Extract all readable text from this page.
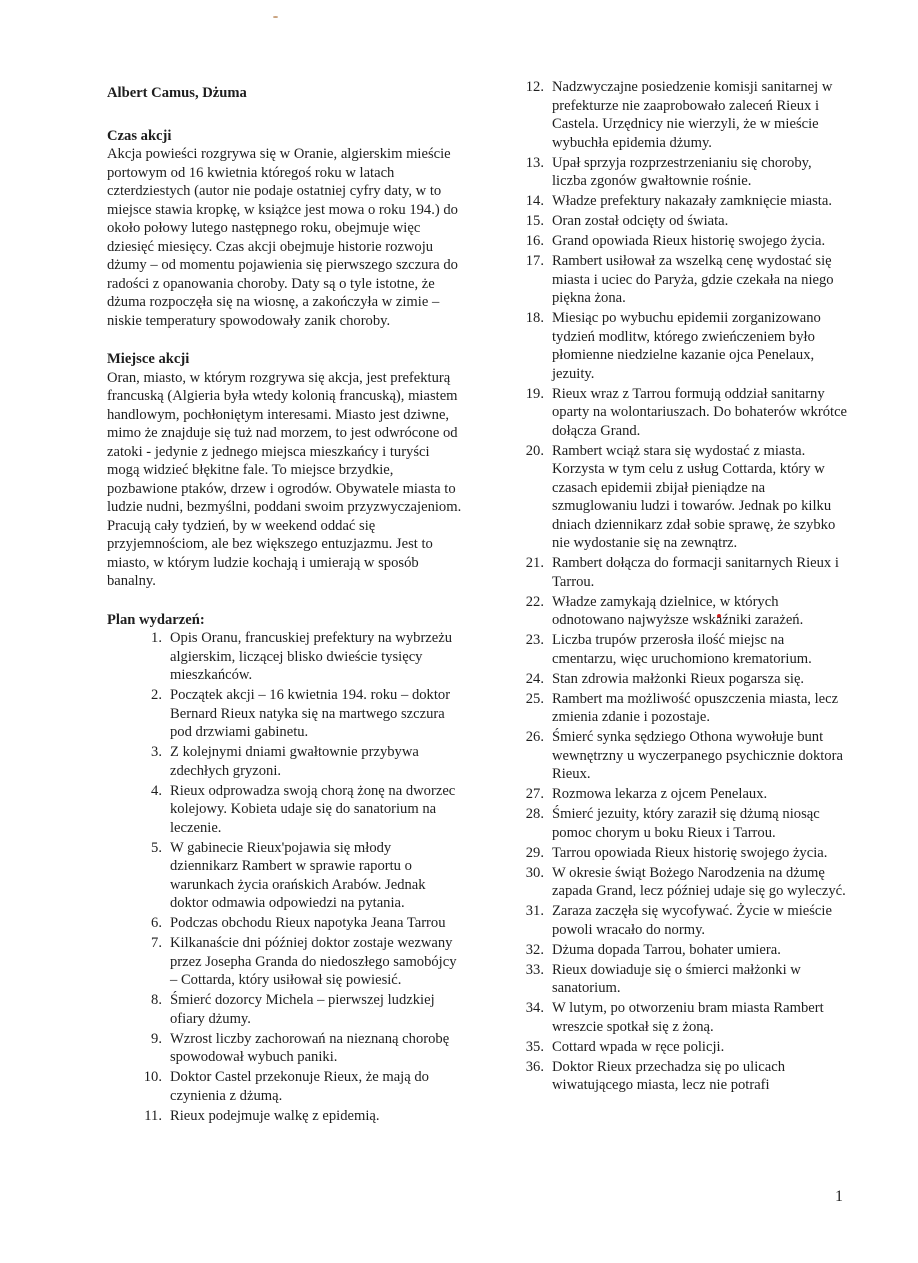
Albert Camus, Dżuma

Czas akcji

Akcja powieści rozgrywa się w Oranie, algierskim mieście portowym od 16 kwietnia któregoś roku w latach czterdziestych (autor nie podaje ostatniej cyfry daty, w to miejsce stawia kropkę, w książce jest mowa o roku 194.) do około połowy lutego następnego roku, obejmuje więc dziesięć miesięcy. Czas akcji obejmuje historie rozwoju dżumy – od momentu pojawienia się pierwszego szczura do radości z opanowania choroby. Daty są o tyle istotne, że dżuma rozpoczęła się na wiosnę, a zakończyła w zimie – niskie temperatury spowodowały zanik choroby.

Miejsce akcji

Oran, miasto, w którym rozgrywa się akcja, jest prefekturą francuską (Algieria była wtedy kolonią francuską), miastem handlowym, pochłoniętym interesami. Miasto jest dziwne, mimo że znajduje się tuż nad morzem, to jest odwrócone od zatoki - jedynie z jednego miejsca mieszkańcy i turyści mogą widzieć błękitne fale. To miejsce brzydkie, pozbawione ptaków, drzew i ogrodów. Obywatele miasta to ludzie nudni, bezmyślni, poddani swoim przyzwyczajeniom. Pracują cały tydzień, by w weekend oddać się przyjemnościom, ale bez większego entuzjazmu. Jest to miasto, w którym ludzie kochają i umierają w sposób banalny.

Plan wydarzeń:

1. Opis Oranu, francuskiej prefektury na wybrzeżu algierskim, liczącej blisko dwieście tysięcy mieszkańców.
2. Początek akcji – 16 kwietnia 194. roku – doktor Bernard Rieux natyka się na martwego szczura pod drzwiami gabinetu.
3. Z kolejnymi dniami gwałtownie przybywa zdechłych gryzoni.
4. Rieux odprowadza swoją chorą żonę na dworzec kolejowy. Kobieta udaje się do sanatorium na leczenie.
5. W gabinecie Rieux'pojawia się młody dziennikarz Rambert w sprawie raportu o warunkach życia orańskich Arabów. Jednak doktor odmawia odpowiedzi na pytania.
6. Podczas obchodu Rieux napotyka Jeana Tarrou
7. Kilkanaście dni później doktor zostaje wezwany przez Josepha Granda do niedoszłego samobójcy – Cottarda, który usiłował się powiesić.
8. Śmierć dozorcy Michela – pierwszej ludzkiej ofiary dżumy.
9. Wzrost liczby zachorowań na nieznaną chorobę spowodował wybuch paniki.
10. Doktor Castel przekonuje Rieux, że mają do czynienia z dżumą.
11. Rieux podejmuje walkę z epidemią.
12. Nadzwyczajne posiedzenie komisji sanitarnej w prefekturze nie zaaprobowało zaleceń Rieux i Castela. Urzędnicy nie wierzyli, że w mieście wybuchła epidemia dżumy.
13. Upał sprzyja rozprzestrzenianiu się choroby, liczba zgonów gwałtownie rośnie.
14. Władze prefektury nakazały zamknięcie miasta.
15. Oran został odcięty od świata.
16. Grand opowiada Rieux historię swojego życia.
17. Rambert usiłował za wszelką cenę wydostać się miasta i uciec do Paryża, gdzie czekała na niego piękna żona.
18. Miesiąc po wybuchu epidemii zorganizowano tydzień modlitw, którego zwieńczeniem było płomienne niedzielne kazanie ojca Penelaux, jezuity.
19. Rieux wraz z Tarrou formują oddział sanitarny oparty na wolontariuszach. Do bohaterów wkrótce dołącza Grand.
20. Rambert wciąż stara się wydostać z miasta. Korzysta w tym celu z usług Cottarda, który w czasach epidemii zbijał pieniądze na szmuglowaniu ludzi i towarów. Jednak po kilku dniach dziennikarz zdał sobie sprawę, że szybko nie wydostanie się na zewnątrz.
21. Rambert dołącza do formacji sanitarnych Rieux i Tarrou.
22. Władze zamykają dzielnice, w których odnotowano najwyższe wskaźniki zarażeń.
23. Liczba trupów przerosła ilość miejsc na cmentarzu, więc uruchomiono krematorium.
24. Stan zdrowia małżonki Rieux pogarsza się.
25. Rambert ma możliwość opuszczenia miasta, lecz zmienia zdanie i pozostaje.
26. Śmierć synka sędziego Othona wywołuje bunt wewnętrzny u wyczerpanego psychicznie doktora Rieux.
27. Rozmowa lekarza z ojcem Penelaux.
28. Śmierć jezuity, który zaraził się dżumą niosąc pomoc chorym u boku Rieux i Tarrou.
29. Tarrou opowiada Rieux historię swojego życia.
30. W okresie świąt Bożego Narodzenia na dżumę zapada Grand, lecz później udaje się go wyleczyć.
31. Zaraza zaczęła się wycofywać. Życie w mieście powoli wracało do normy.
32. Dżuma dopada Tarrou, bohater umiera.
33. Rieux dowiaduje się o śmierci małżonki w sanatorium.
34. W lutym, po otworzeniu bram miasta Rambert wreszcie spotkał się z żoną.
35. Cottard wpada w ręce policji.
36. Doktor Rieux przechadza się po ulicach wiwatującego miasta, lecz nie potrafi
1
